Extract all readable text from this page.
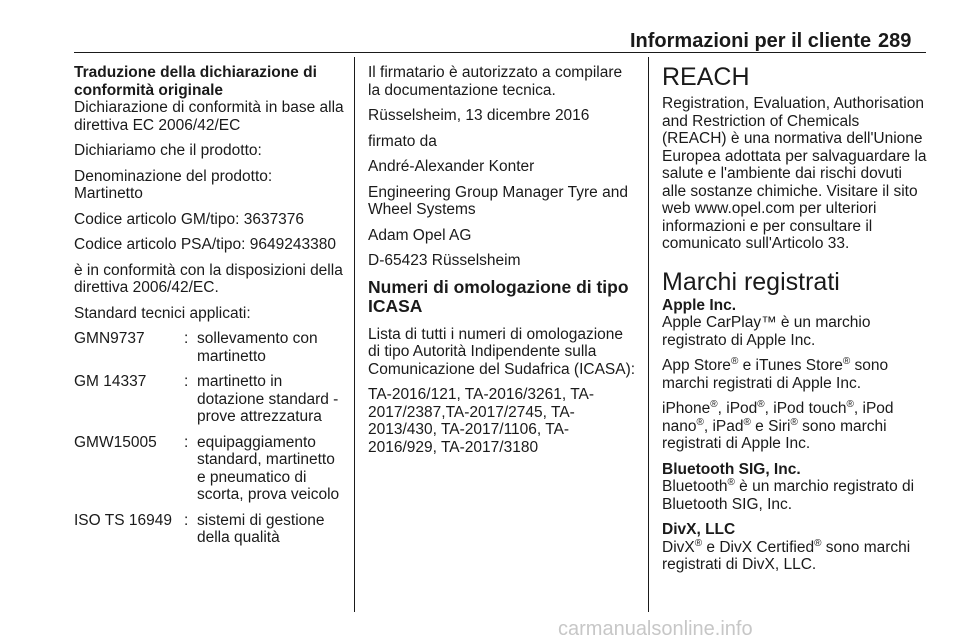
Informazioni per il cliente 289
Traduzione della dichiarazione di conformità originale

Dichiarazione di conformità in base alla direttiva EC 2006/42/EC

Dichiariamo che il prodotto:

Denominazione del prodotto: Martinetto

Codice articolo GM/tipo: 3637376

Codice articolo PSA/tipo: 9649243380

è in conformità con la disposizioni della direttiva 2006/42/EC.

Standard tecnici applicati:

GMN9737	:	sollevamento con martinetto
GM 14337	:	martinetto in dotazione standard - prove attrezzatura
GMW15005	:	equipaggiamento standard, martinetto e pneumatico di scorta, prova veicolo
ISO TS 16949	:	sistemi di gestione della qualità

Il firmatario è autorizzato a compilare la documentazione tecnica.

Rüsselsheim, 13 dicembre 2016

firmato da

André-Alexander Konter

Engineering Group Manager Tyre and Wheel Systems

Adam Opel AG

D-65423 Rüsselsheim

Numeri di omologazione di tipo ICASA

Lista di tutti i numeri di omologazione di tipo Autorità Indipendente sulla Comunicazione del Sudafrica (ICASA):

TA-2016/121, TA-2016/3261, TA-2017/2387,TA-2017/2745, TA-2013/430, TA-2017/1106, TA-2016/929, TA-2017/3180

REACH

Registration, Evaluation, Authorisation and Restriction of Chemicals (REACH) è una normativa dell'Unione Europea adottata per salvaguardare la salute e l'ambiente dai rischi dovuti alle sostanze chimiche. Visitare il sito web www.opel.com per ulteriori informazioni e per consultare il comunicato sull'Articolo 33.

Marchi registrati
Apple Inc.

Apple CarPlay™ è un marchio registrato di Apple Inc.

App Store® e iTunes Store® sono marchi registrati di Apple Inc.

iPhone®, iPod®, iPod touch®, iPod nano®, iPad® e Siri® sono marchi registrati di Apple Inc.

Bluetooth SIG, Inc.

Bluetooth® è un marchio registrato di Bluetooth SIG, Inc.

DivX, LLC

DivX® e DivX Certified® sono marchi registrati di DivX, LLC.

carmanualsonline.info
